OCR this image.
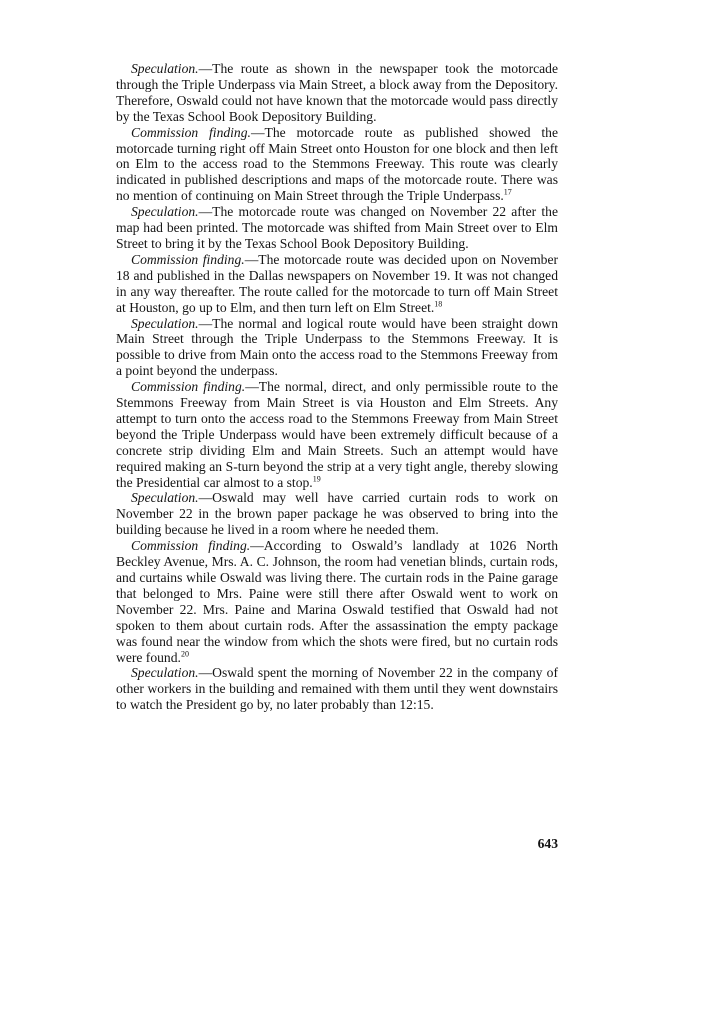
Speculation.—The route as shown in the newspaper took the motorcade through the Triple Underpass via Main Street, a block away from the Depository. Therefore, Oswald could not have known that the motorcade would pass directly by the Texas School Book Depository Building.

Commission finding.—The motorcade route as published showed the motorcade turning right off Main Street onto Houston for one block and then left on Elm to the access road to the Stemmons Freeway. This route was clearly indicated in published descriptions and maps of the motorcade route. There was no mention of continuing on Main Street through the Triple Underpass.$^{17}$

Speculation.—The motorcade route was changed on November 22 after the map had been printed. The motorcade was shifted from Main Street over to Elm Street to bring it by the Texas School Book Depository Building.

Commission finding.—The motorcade route was decided upon on November 18 and published in the Dallas newspapers on November 19. It was not changed in any way thereafter. The route called for the motorcade to turn off Main Street at Houston, go up to Elm, and then turn left on Elm Street.$^{18}$

Speculation.—The normal and logical route would have been straight down Main Street through the Triple Underpass to the Stemmons Freeway. It is possible to drive from Main onto the access road to the Stemmons Freeway from a point beyond the underpass.

Commission finding.—The normal, direct, and only permissible route to the Stemmons Freeway from Main Street is via Houston and Elm Streets. Any attempt to turn onto the access road to the Stemmons Freeway from Main Street beyond the Triple Underpass would have been extremely difficult because of a concrete strip dividing Elm and Main Streets. Such an attempt would have required making an S-turn beyond the strip at a very tight angle, thereby slowing the Presidential car almost to a stop.$^{19}$

Speculation.—Oswald may well have carried curtain rods to work on November 22 in the brown paper package he was observed to bring into the building because he lived in a room where he needed them.

Commission finding.—According to Oswald’s landlady at 1026 North Beckley Avenue, Mrs. A. C. Johnson, the room had venetian blinds, curtain rods, and curtains while Oswald was living there. The curtain rods in the Paine garage that belonged to Mrs. Paine were still there after Oswald went to work on November 22. Mrs. Paine and Marina Oswald testified that Oswald had not spoken to them about curtain rods. After the assassination the empty package was found near the window from which the shots were fired, but no curtain rods were found.$^{20}$

Speculation.—Oswald spent the morning of November 22 in the company of other workers in the building and remained with them until they went downstairs to watch the President go by, no later probably than 12:15.

643
